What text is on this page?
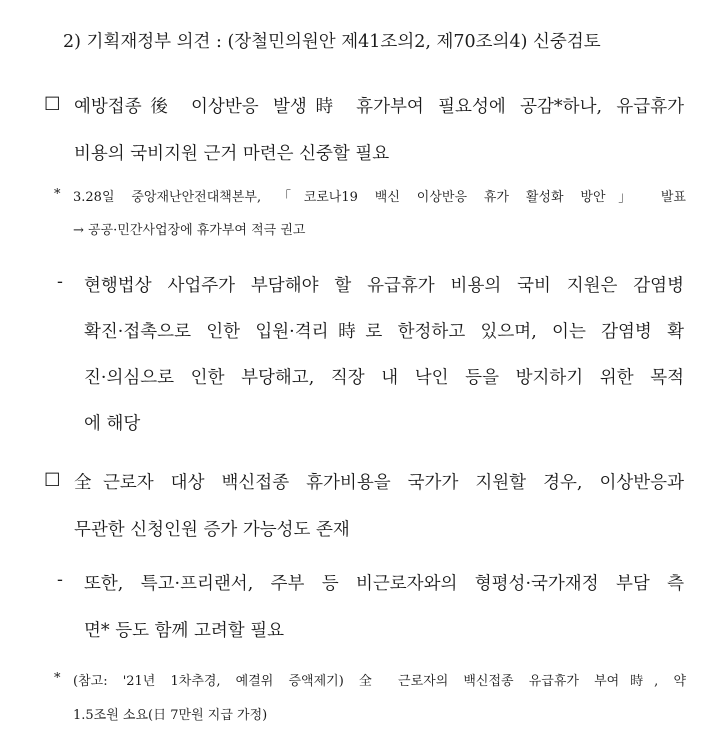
2) 기획재정부 의견 : (장철민의원안 제41조의2, 제70조의4) 신중검토
□ 예방접종後 이상반응 발생時 휴가부여 필요성에 공감*하나, 유급휴가
비용의 국비지원 근거 마련은 신중할 필요
* 3.28일 중앙재난안전대책본부, 「코로나19 백신 이상반응 휴가 활성화 방안」 발표
→ 공공·민간사업장에 휴가부여 적극 권고
- 현행법상 사업주가 부담해야 할 유급휴가 비용의 국비 지원은 감염병
확진·접촉으로 인한 입원·격리時로 한정하고 있으며, 이는 감염병 확
진·의심으로 인한 부당해고, 직장 내 낙인 등을 방지하기 위한 목적
에 해당
□ 全근로자 대상 백신접종 휴가비용을 국가가 지원할 경우, 이상반응과
무관한 신청인원 증가 가능성도 존재
- 또한, 특고·프리랜서, 주부 등 비근로자와의 형평성·국가재정 부담 측
면* 등도 함께 고려할 필요
* (참고: '21년 1차추경, 예결위 증액제기) 全 근로자의 백신접종 유급휴가 부여時, 약
1.5조원 소요(日 7만원 지급 가정)
